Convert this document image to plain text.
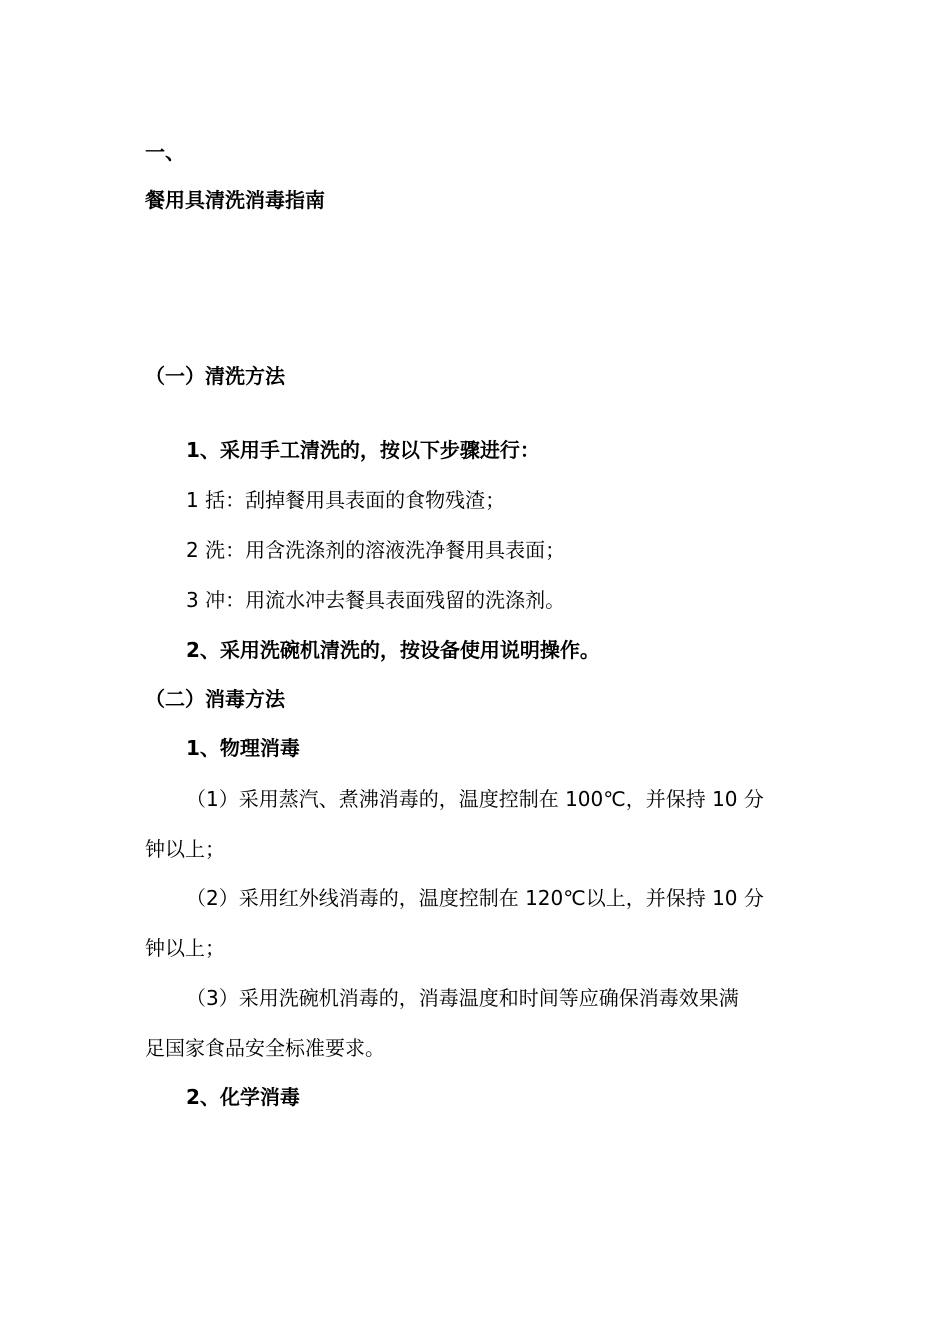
一、
餐用具清洗消毒指南
（一）清洗方法
1、采用手工清洗的，按以下步骤进行：
1 括：刮掉餐用具表面的食物残渣；
2 洗：用含洗涤剂的溶液洗净餐用具表面；
3 冲：用流水冲去餐具表面残留的洗涤剂。
2、采用洗碗机清洗的，按设备使用说明操作。
（二）消毒方法
1、物理消毒
（1）采用蒸汽、煮沸消毒的，温度控制在 100℃，并保持 10 分
钟以上；
（2）采用红外线消毒的，温度控制在 120℃以上，并保持 10 分
钟以上；
（3）采用洗碗机消毒的，消毒温度和时间等应确保消毒效果满
足国家食品安全标准要求。
2、化学消毒
